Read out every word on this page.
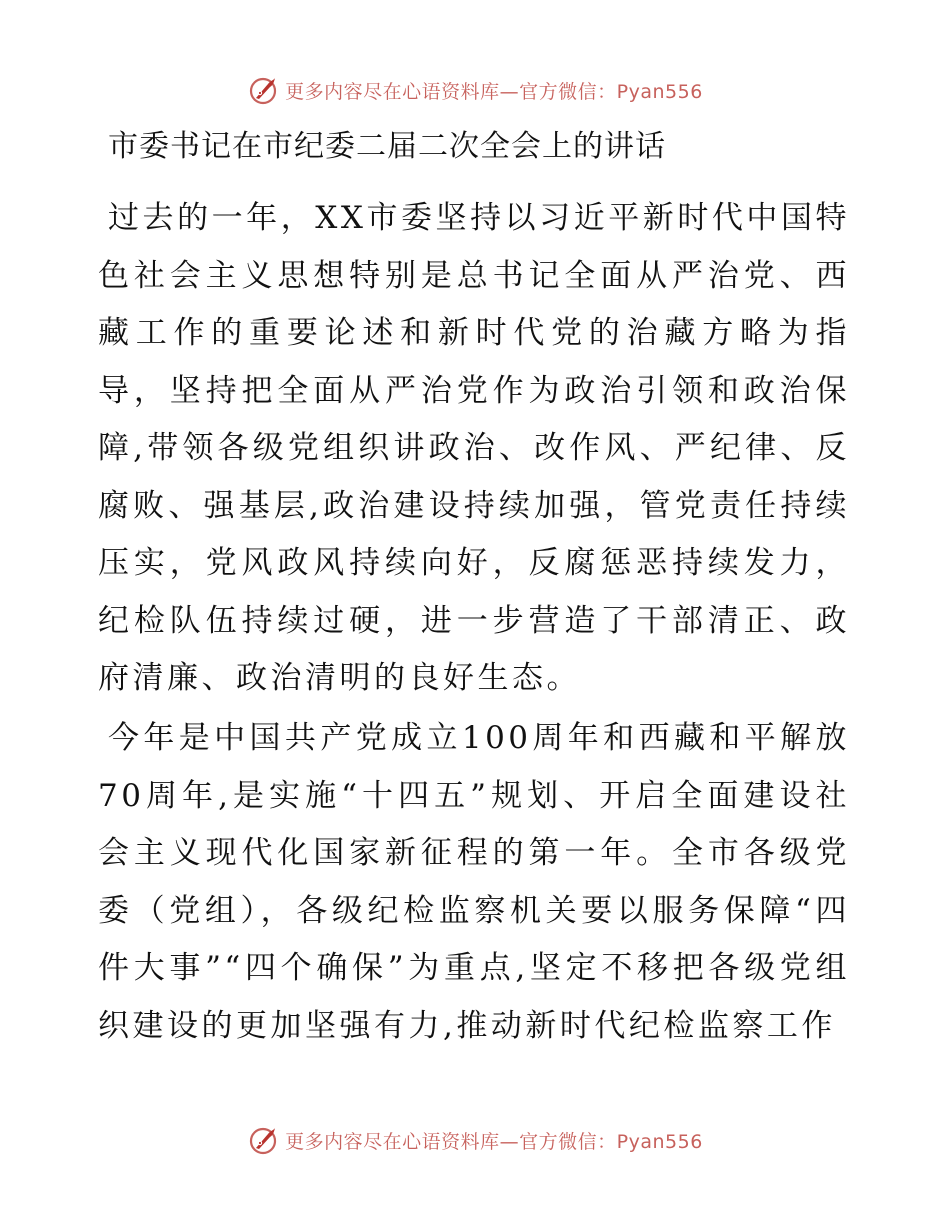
更多内容尽在心语资料库—官方微信：Pyan556
市委书记在市纪委二届二次全会上的讲话

过去的一年，XX市委坚持以习近平新时代中国特色社会主义思想特别是总书记全面从严治党、西藏工作的重要论述和新时代党的治藏方略为指导，坚持把全面从严治党作为政治引领和政治保障,带领各级党组织讲政治、改作风、严纪律、反腐败、强基层,政治建设持续加强，管党责任持续压实，党风政风持续向好，反腐惩恶持续发力，纪检队伍持续过硬，进一步营造了干部清正、政府清廉、政治清明的良好生态。

今年是中国共产党成立100周年和西藏和平解放70周年,是实施“十四五”规划、开启全面建设社会主义现代化国家新征程的第一年。全市各级党委（党组），各级纪检监察机关要以服务保障“四件大事”“四个确保”为重点,坚定不移把各级党组织建设的更加坚强有力,推动新时代纪检监察工作

更多内容尽在心语资料库—官方微信：Pyan556
